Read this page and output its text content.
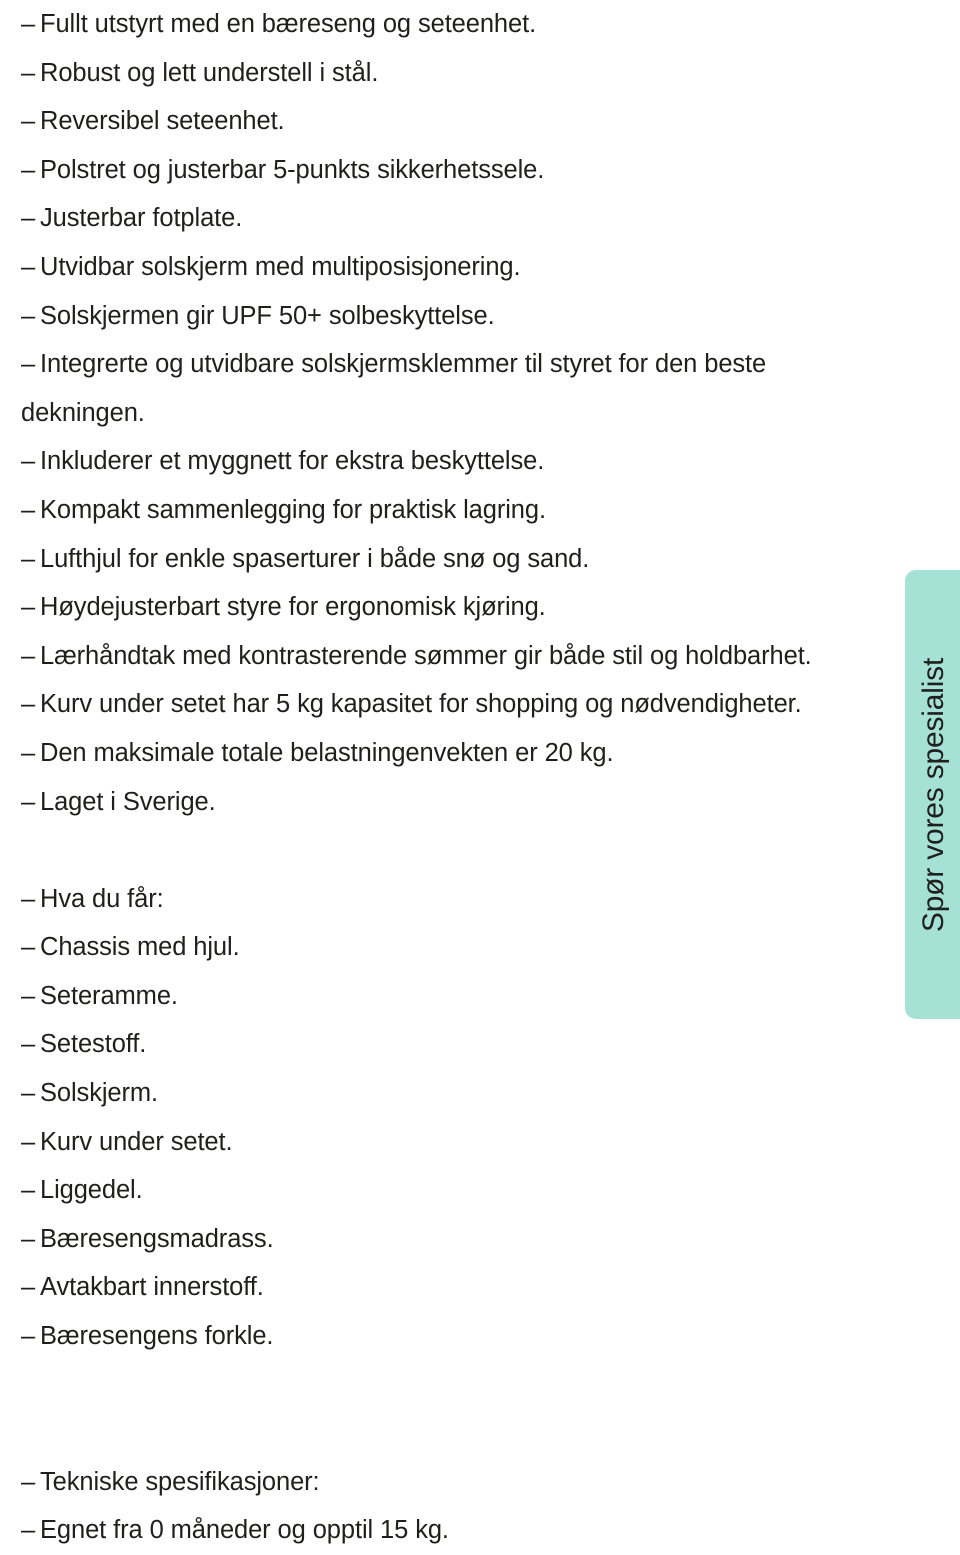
– Fullt utstyrt med en bæreseng og seteenhet.
– Robust og lett understell i stål.
– Reversibel seteenhet.
– Polstret og justerbar 5-punkts sikkerhetssele.
– Justerbar fotplate.
– Utvidbar solskjerm med multiposisjonering.
– Solskjermen gir UPF 50+ solbeskyttelse.
– Integrerte og utvidbare solskjermsklemmer til styret for den beste
dekningen.
– Inkluderer et myggnett for ekstra beskyttelse.
– Kompakt sammenlegging for praktisk lagring.
– Lufthjul for enkle spaserturer i både snø og sand.
– Høydejusterbart styre for ergonomisk kjøring.
– Lærhåndtak med kontrasterende sømmer gir både stil og holdbarhet.
– Kurv under setet har 5 kg kapasitet for shopping og nødvendigheter.
– Den maksimale totale belastningenvekten er 20 kg.
– Laget i Sverige.
– Hva du får:
– Chassis med hjul.
– Seteramme.
– Setestoff.
– Solskjerm.
– Kurv under setet.
– Liggedel.
– Bæresengsmadrass.
– Avtakbart innerstoff.
– Bæresengens forkle.
– Tekniske spesifikasjoner:
– Egnet fra 0 måneder og opptil 15 kg.
Spør vores spesialist
